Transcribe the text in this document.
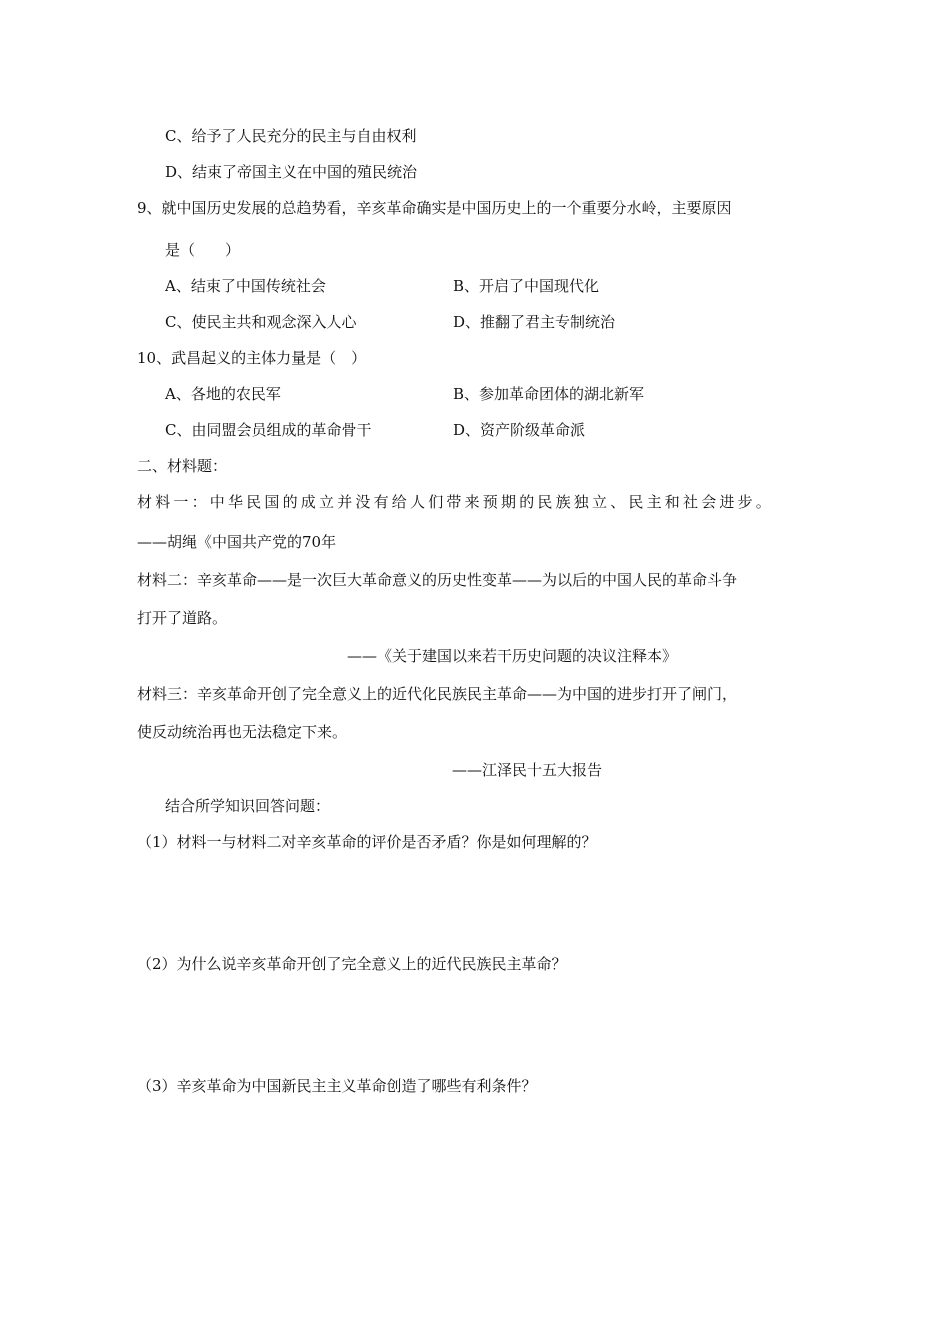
C、给予了人民充分的民主与自由权利
D、结束了帝国主义在中国的殖民统治
9、就中国历史发展的总趋势看，辛亥革命确实是中国历史上的一个重要分水岭，主要原因
是（　　）
A、结束了中国传统社会	B、开启了中国现代化
C、使民主共和观念深入人心	D、推翻了君主专制统治
10、武昌起义的主体力量是（　）
A、各地的农民军	B、参加革命团体的湖北新军
C、由同盟会员组成的革命骨干	D、资产阶级革命派
二、材料题：
材料一：中华民国的成立并没有给人们带来预期的民族独立、民主和社会进步。
——胡绳《中国共产党的70年
材料二：辛亥革命——是一次巨大革命意义的历史性变革——为以后的中国人民的革命斗争
打开了道路。
——《关于建国以来若干历史问题的决议注释本》
材料三：辛亥革命开创了完全意义上的近代化民族民主革命——为中国的进步打开了闸门，
使反动统治再也无法稳定下来。
——江泽民十五大报告
结合所学知识回答问题：
（1）材料一与材料二对辛亥革命的评价是否矛盾？你是如何理解的？
（2）为什么说辛亥革命开创了完全意义上的近代民族民主革命？
（3）辛亥革命为中国新民主主义革命创造了哪些有利条件？
